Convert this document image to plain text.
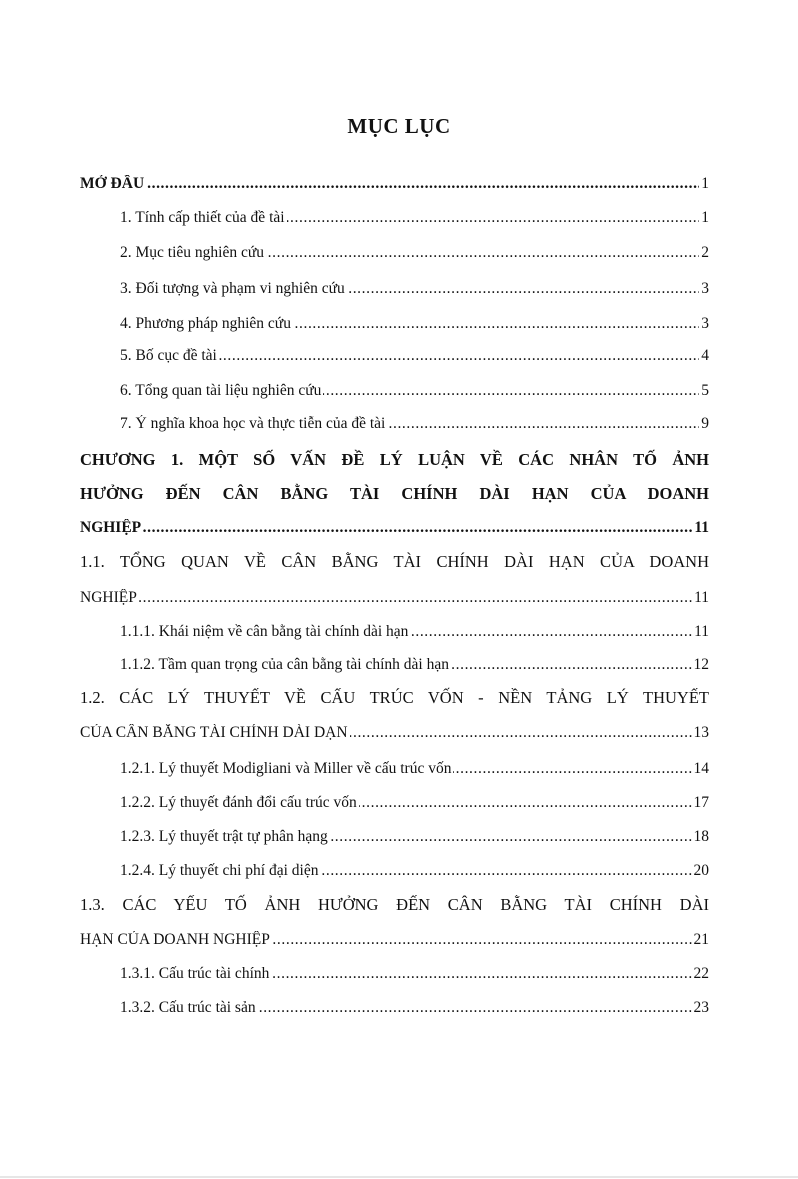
MỤC LỤC
.....
MỞ ĐẦU	1
.....
1. Tính cấp thiết của đề tài	1
.....
2. Mục tiêu nghiên cứu	2
.....
3. Đối tượng và phạm vi nghiên cứu	3
.....
4. Phương pháp nghiên cứu	3
.....
5. Bố cục đề tài	4
.....
6. Tổng quan tài liệu nghiên cứu	5
.....
7. Ý nghĩa khoa học và thực tiễn của đề tài	9
CHƯƠNG 1. MỘT SỐ VẤN ĐỀ LÝ LUẬN VỀ CÁC NHÂN TỐ ẢNH
HƯỞNG ĐẾN CÂN BẰNG TÀI CHÍNH DÀI HẠN CỦA DOANH
.....
NGHIỆP	11
1.1. TỔNG QUAN VỀ CÂN BẰNG TÀI CHÍNH DÀI HẠN CỦA DOANH
.....
NGHIỆP	11
.....
1.1.1. Khái niệm về cân bằng tài chính dài hạn	11
.....
1.1.2. Tầm quan trọng của cân bằng tài chính dài hạn	12
1.2. CÁC LÝ THUYẾT VỀ CẤU TRÚC VỐN - NỀN TẢNG LÝ THUYẾT
.....
CỦA CÂN BẰNG TÀI CHÍNH DÀI DẠN	13
.....
1.2.1. Lý thuyết Modigliani và Miller về cấu trúc vốn	14
.....
1.2.2. Lý thuyết đánh đổi cấu trúc vốn	17
.....
1.2.3. Lý thuyết trật tự phân hạng	18
.....
1.2.4. Lý thuyết chi phí đại diện	20
1.3. CÁC YẾU TỐ ẢNH HƯỞNG ĐẾN CÂN BẰNG TÀI CHÍNH DÀI
.....
HẠN CỦA DOANH NGHIỆP	21
.....
1.3.1. Cấu trúc tài chính	22
.....
1.3.2. Cấu trúc tài sản	23
